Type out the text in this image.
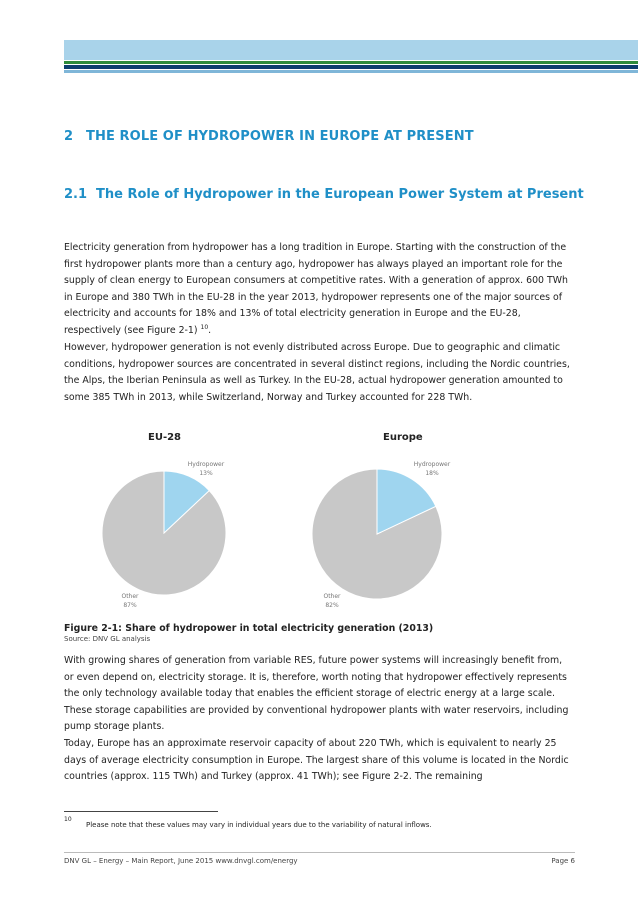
2 THE ROLE OF HYDROPOWER IN EUROPE AT PRESENT
2.1 The Role of Hydropower in the European Power System at Present

Electricity generation from hydropower has a long tradition in Europe. Starting with the construction of the first hydropower plants more than a century ago, hydropower has always played an important role for the supply of clean energy to European consumers at competitive rates. With a generation of approx. 600 TWh in Europe and 380 TWh in the EU-28 in the year 2013, hydropower represents one of the major sources of electricity and accounts for 18% and 13% of total electricity generation in Europe and the EU-28, respectively (see Figure 2-1) $^{10}$.

However, hydropower generation is not evenly distributed across Europe. Due to geographic and climatic conditions, hydropower sources are concentrated in several distinct regions, including the Nordic countries, the Alps, the Iberian Peninsula as well as Turkey. In the EU-28, actual hydropower generation amounted to some 385 TWh in 2013, while Switzerland, Norway and Turkey accounted for 228 TWh.

EU-28	Europe
Hydropower
13%
Other
87%
Hydropower
18%
Other
82%
Figure 2-1: Share of hydropower in total electricity generation (2013)
Source: DNV GL analysis

With growing shares of generation from variable RES, future power systems will increasingly benefit from, or even depend on, electricity storage. It is, therefore, worth noting that hydropower effectively represents the only technology available today that enables the efficient storage of electric energy at a large scale. These storage capabilities are provided by conventional hydropower plants with water reservoirs, including pump storage plants.

Today, Europe has an approximate reservoir capacity of about 220 TWh, which is equivalent to nearly 25 days of average electricity consumption in Europe. The largest share of this volume is located in the Nordic countries (approx. 115 TWh) and Turkey (approx. 41 TWh); see Figure 2-2. The remaining

10
Please note that these values may vary in individual years due to the variability of natural inflows.
DNV GL – Energy – Main Report, June 2015 www.dnvgl.com/energy	Page 6
